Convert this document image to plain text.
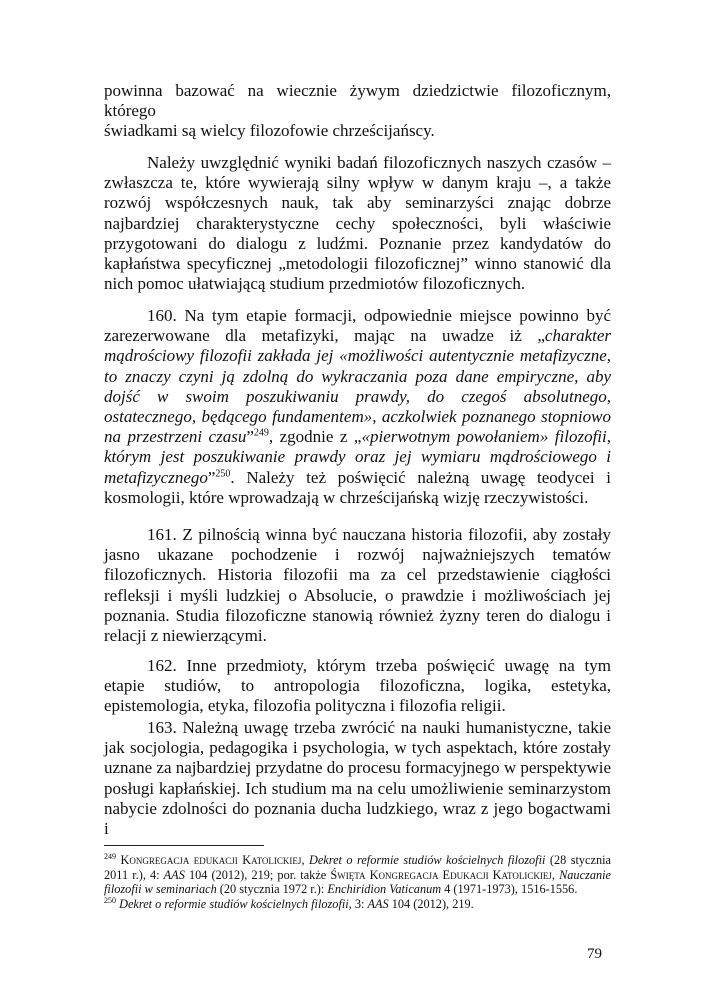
powinna bazować na wiecznie żywym dziedzictwie filozoficznym, którego
świadkami są wielcy filozofowie chrześcijańscy.

Należy uwzględnić wyniki badań filozoficznych naszych czasów – zwłaszcza te, które wywierają silny wpływ w danym kraju –, a także rozwój współczesnych nauk, tak aby seminarzyści znając dobrze najbardziej charakterystyczne cechy społeczności, byli właściwie przygotowani do dialogu z ludźmi. Poznanie przez kandydatów do kapłaństwa specyficznej „metodologii filozoficznej” winno stanowić dla nich pomoc ułatwiającą studium przedmiotów filozoficznych.

160. Na tym etapie formacji, odpowiednie miejsce powinno być zarezerwowane dla metafizyki, mając na uwadze iż „charakter mądrościowy filozofii zakłada jej «możliwości autentycznie metafizyczne, to znaczy czyni ją zdolną do wykraczania poza dane empiryczne, aby dojść w swoim poszukiwaniu prawdy, do czegoś absolutnego, ostatecznego, będącego fundamentem», aczkolwiek poznanego stopniowo na przestrzeni czasu”$^{249}$, zgodnie z „«pierwotnym powołaniem» filozofii, którym jest poszukiwanie prawdy oraz jej wymiaru mądrościowego i metafizycznego”$^{250}$. Należy też poświęcić należną uwagę teodycei i kosmologii, które wprowadzają w chrześcijańską wizję rzeczywistości.

161. Z pilnością winna być nauczana historia filozofii, aby zostały jasno ukazane pochodzenie i rozwój najważniejszych tematów filozoficznych. Historia filozofii ma za cel przedstawienie ciągłości refleksji i myśli ludzkiej o Absolucie, o prawdzie i możliwościach jej poznania. Studia filozoficzne stanowią również żyzny teren do dialogu i relacji z niewierzącymi.

162. Inne przedmioty, którym trzeba poświęcić uwagę na tym etapie studiów, to antropologia filozoficzna, logika, estetyka, epistemologia, etyka, filozofia polityczna i filozofia religii.

163. Należną uwagę trzeba zwrócić na nauki humanistyczne, takie jak socjologia, pedagogika i psychologia, w tych aspektach, które zostały uznane za najbardziej przydatne do procesu formacyjnego w perspektywie posługi kapłańskiej. Ich studium ma na celu umożliwienie seminarzystom nabycie zdolności do poznania ducha ludzkiego, wraz z jego bogactwami i

$^{249}$ Kongregacja edukacji Katolickiej, Dekret o reformie studiów kościelnych filozofii (28 stycznia 2011 r.), 4: AAS 104 (2012), 219; por. także Święta Kongregacja Edukacji Katolickiej, Nauczanie filozofii w seminariach (20 stycznia 1972 r.): Enchiridion Vaticanum 4 (1971-1973), 1516-1556.

$^{250}$ Dekret o reformie studiów kościelnych filozofii, 3: AAS 104 (2012), 219.

79
